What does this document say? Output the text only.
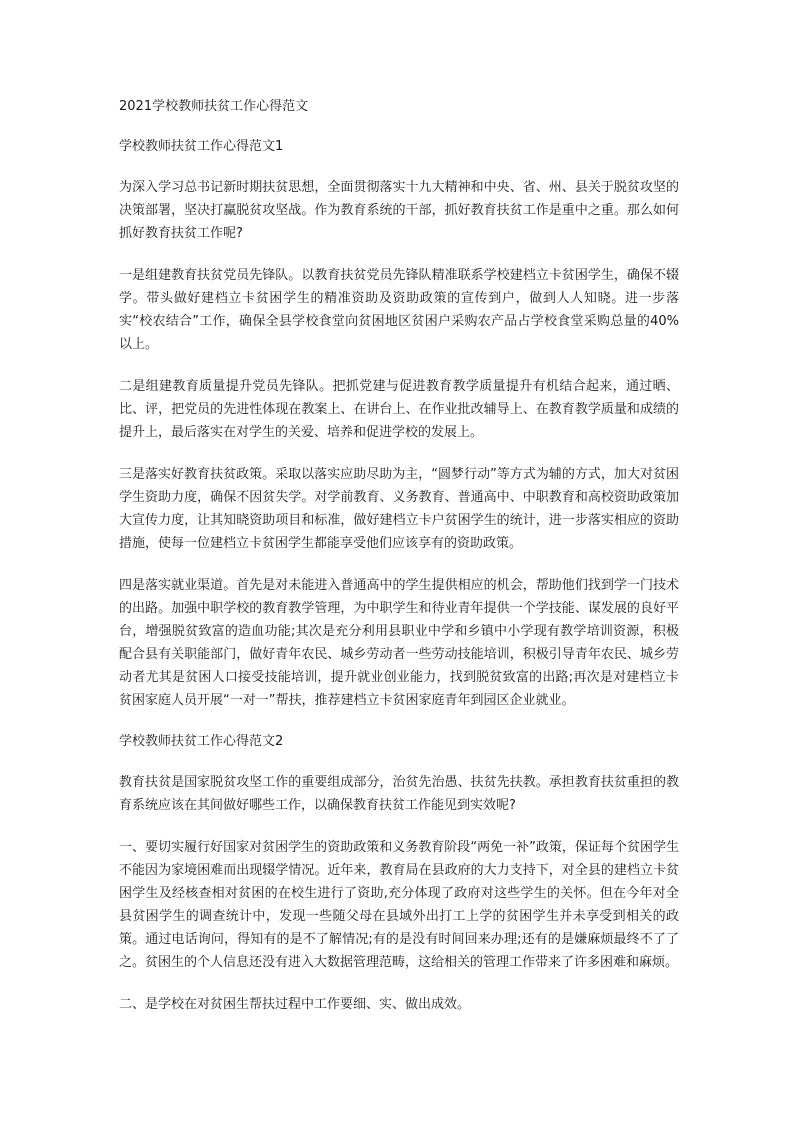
2021学校教师扶贫工作心得范文

学校教师扶贫工作心得范文1

为深入学习总书记新时期扶贫思想，全面贯彻落实十九大精神和中央、省、州、县关于脱贫攻坚的决策部署，坚决打赢脱贫攻坚战。作为教育系统的干部，抓好教育扶贫工作是重中之重。那么如何抓好教育扶贫工作呢?

一是组建教育扶贫党员先锋队。以教育扶贫党员先锋队精准联系学校建档立卡贫困学生，确保不辍学。带头做好建档立卡贫困学生的精准资助及资助政策的宣传到户，做到人人知晓。进一步落实“校农结合”工作，确保全县学校食堂向贫困地区贫困户采购农产品占学校食堂采购总量的40%以上。

二是组建教育质量提升党员先锋队。把抓党建与促进教育教学质量提升有机结合起来，通过晒、比、评，把党员的先进性体现在教案上、在讲台上、在作业批改辅导上、在教育教学质量和成绩的提升上，最后落实在对学生的关爱、培养和促进学校的发展上。

三是落实好教育扶贫政策。采取以落实应助尽助为主，“圆梦行动”等方式为辅的方式，加大对贫困学生资助力度，确保不因贫失学。对学前教育、义务教育、普通高中、中职教育和高校资助政策加大宣传力度，让其知晓资助项目和标准，做好建档立卡户贫困学生的统计，进一步落实相应的资助措施，使每一位建档立卡贫困学生都能享受他们应该享有的资助政策。

四是落实就业渠道。首先是对未能进入普通高中的学生提供相应的机会，帮助他们找到学一门技术的出路。加强中职学校的教育教学管理，为中职学生和待业青年提供一个学技能、谋发展的良好平台，增强脱贫致富的造血功能;其次是充分利用县职业中学和乡镇中小学现有教学培训资源，积极配合县有关职能部门，做好青年农民、城乡劳动者一些劳动技能培训，积极引导青年农民、城乡劳动者尤其是贫困人口接受技能培训，提升就业创业能力，找到脱贫致富的出路;再次是对建档立卡贫困家庭人员开展“一对一”帮扶，推荐建档立卡贫困家庭青年到园区企业就业。

学校教师扶贫工作心得范文2

教育扶贫是国家脱贫攻坚工作的重要组成部分，治贫先治愚、扶贫先扶教。承担教育扶贫重担的教育系统应该在其间做好哪些工作，以确保教育扶贫工作能见到实效呢?

一、要切实履行好国家对贫困学生的资助政策和义务教育阶段“两免一补”政策，保证每个贫困学生不能因为家境困难而出现辍学情况。近年来，教育局在县政府的大力支持下，对全县的建档立卡贫困学生及经核查相对贫困的在校生进行了资助,充分体现了政府对这些学生的关怀。但在今年对全县贫困学生的调查统计中，发现一些随父母在县域外出打工上学的贫困学生并未享受到相关的政策。通过电话询问，得知有的是不了解情况;有的是没有时间回来办理;还有的是嫌麻烦最终不了了之。贫困生的个人信息还没有进入大数据管理范畴，这给相关的管理工作带来了许多困难和麻烦。

二、是学校在对贫困生帮扶过程中工作要细、实、做出成效。
